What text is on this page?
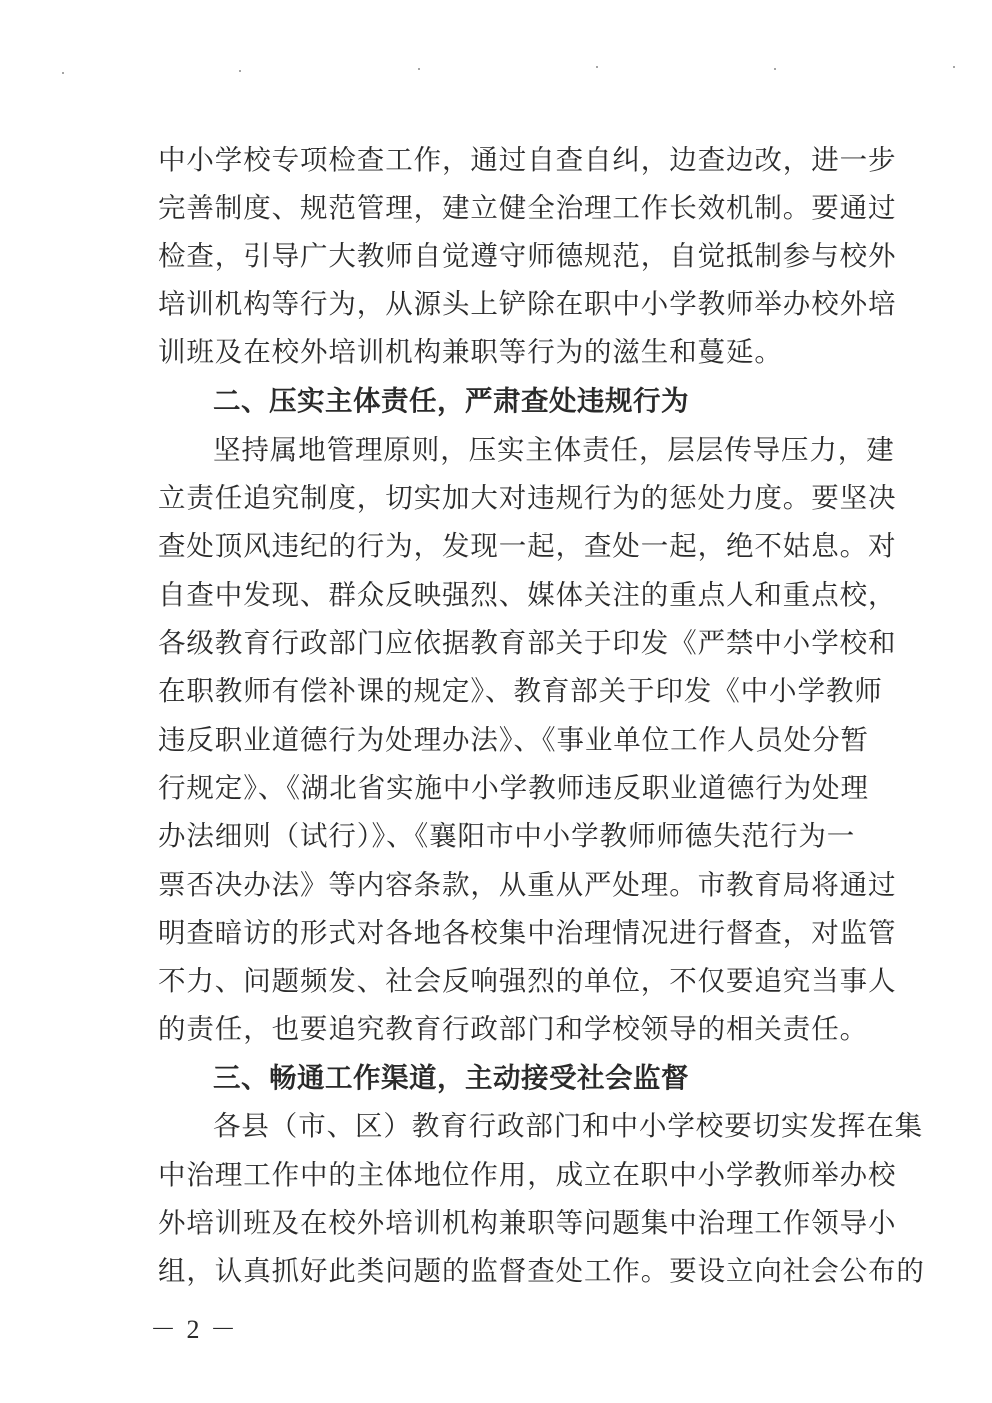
中小学校专项检查工作，通过自查自纠，边查边改，进一步
完善制度、规范管理，建立健全治理工作长效机制。要通过
检查，引导广大教师自觉遵守师德规范，自觉抵制参与校外
培训机构等行为，从源头上铲除在职中小学教师举办校外培
训班及在校外培训机构兼职等行为的滋生和蔓延。
二、压实主体责任，严肃查处违规行为
坚持属地管理原则，压实主体责任，层层传导压力，建
立责任追究制度，切实加大对违规行为的惩处力度。要坚决
查处顶风违纪的行为，发现一起，查处一起，绝不姑息。对
自查中发现、群众反映强烈、媒体关注的重点人和重点校，
各级教育行政部门应依据教育部关于印发《严禁中小学校和
在职教师有偿补课的规定》、教育部关于印发《中小学教师
违反职业道德行为处理办法》、《事业单位工作人员处分暂
行规定》、《湖北省实施中小学教师违反职业道德行为处理
办法细则（试行）》、《襄阳市中小学教师师德失范行为一
票否决办法》等内容条款，从重从严处理。市教育局将通过
明查暗访的形式对各地各校集中治理情况进行督查，对监管
不力、问题频发、社会反响强烈的单位，不仅要追究当事人
的责任，也要追究教育行政部门和学校领导的相关责任。
三、畅通工作渠道，主动接受社会监督
各县（市、区）教育行政部门和中小学校要切实发挥在集
中治理工作中的主体地位作用，成立在职中小学教师举办校
外培训班及在校外培训机构兼职等问题集中治理工作领导小
组，认真抓好此类问题的监督查处工作。要设立向社会公布的
－ 2 －
